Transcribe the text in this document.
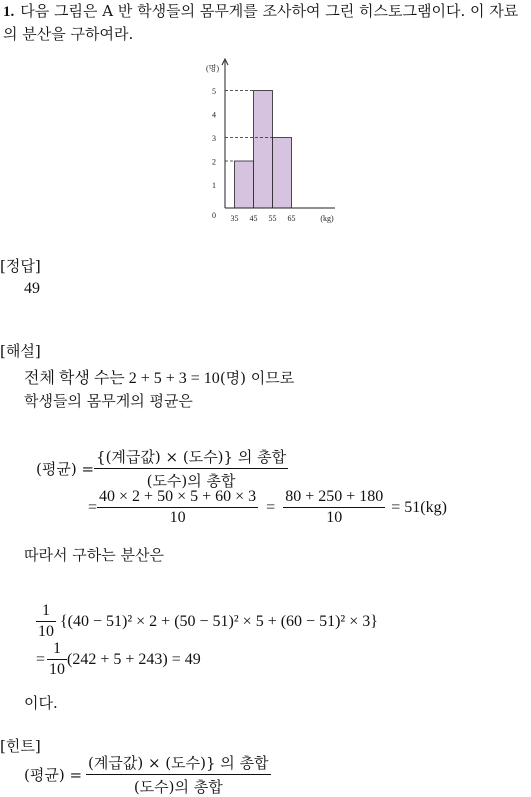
1. 다음 그림은 A 반 학생들의 몸무게를 조사하여 그린 히스토그램이다. 이 자료의 분산을 구하여라.
0
1
2
3
4
5
35 45 55 65	(kg)
(명)
[정답]
49
[해설]
전체 학생 수는 2 + 5 + 3 = 10(명) 이므로
학생들의 몸무게의 평균은
(평균) = $\frac{\text{\{(계급값) × (도수)\} 의 총합}}{\text{(도수)의 총합}}$
= $\frac{40 \times 2 + 50 \times 5 + 60 \times 3}{10} = \frac{80 + 250 + 180}{10} = 51(kg)$
따라서 구하는 분산은
$\frac{1}{10} \{(40 - 51)^2 \times 2 + (50 - 51)^2 \times 5 + (60 - 51)^2 \times 3\}$
= $\frac{1}{10} (242 + 5 + 243) = 49$
이다.
[힌트]
(평균) = $\frac{\text{(계급값) × (도수)\} 의 총합}}{\text{(도수)의 총합}}$
